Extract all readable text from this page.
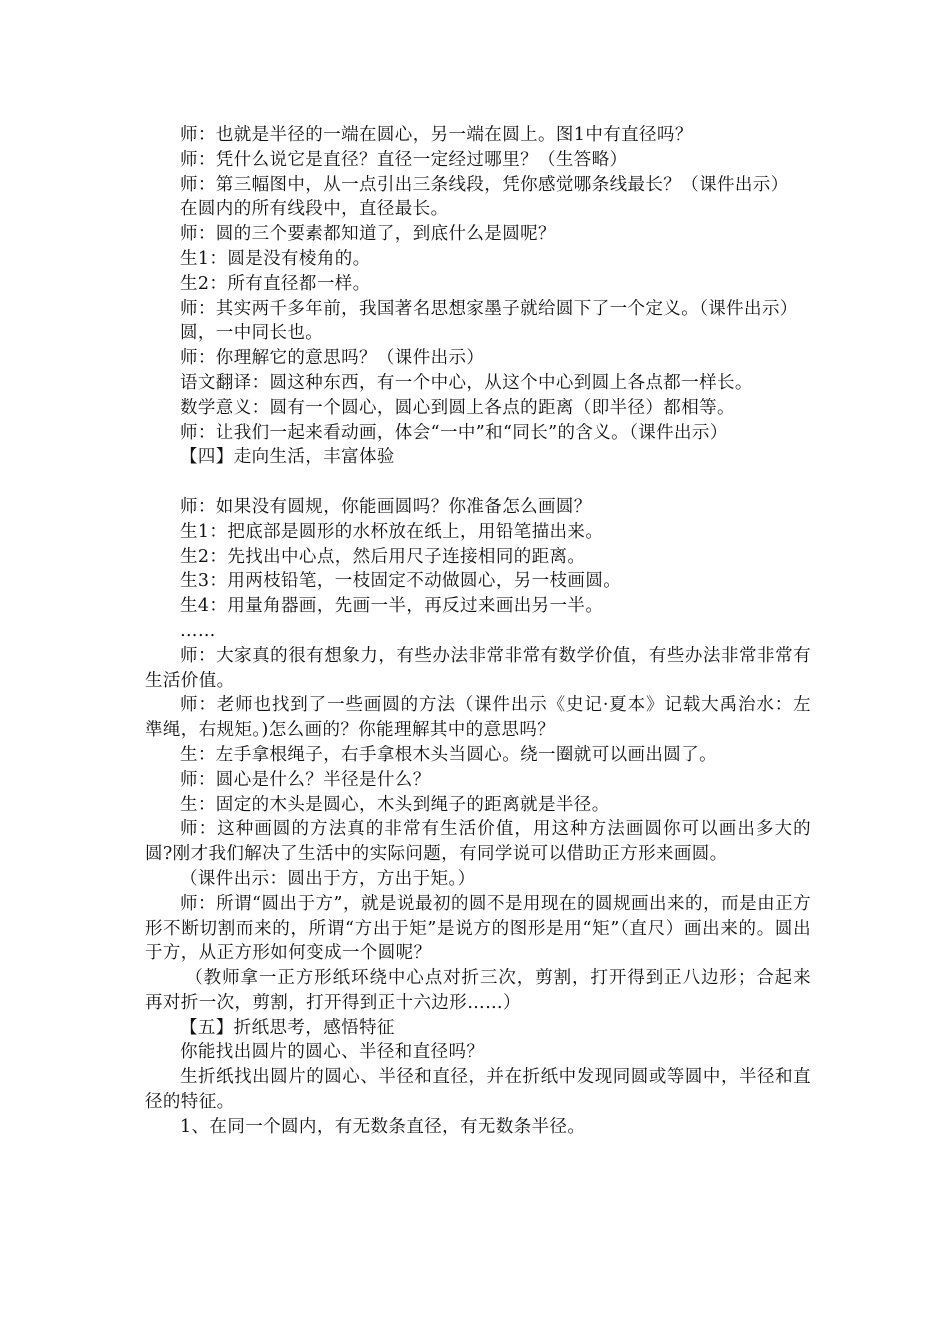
师：也就是半径的一端在圆心，另一端在圆上。图1中有直径吗？

师：凭什么说它是直径？直径一定经过哪里？（生答略）

师：第三幅图中，从一点引出三条线段，凭你感觉哪条线最长？（课件出示）

在圆内的所有线段中，直径最长。

师：圆的三个要素都知道了，到底什么是圆呢？

生1：圆是没有棱角的。

生2：所有直径都一样。

师：其实两千多年前，我国著名思想家墨子就给圆下了一个定义。（课件出示）

圆，一中同长也。

师：你理解它的意思吗？（课件出示）

语文翻译：圆这种东西，有一个中心，从这个中心到圆上各点都一样长。

数学意义：圆有一个圆心，圆心到圆上各点的距离（即半径）都相等。

师：让我们一起来看动画，体会“一中”和“同长”的含义。（课件出示）

【四】走向生活，丰富体验

师：如果没有圆规，你能画圆吗？你准备怎么画圆？

生1：把底部是圆形的水杯放在纸上，用铅笔描出来。

生2：先找出中心点，然后用尺子连接相同的距离。

生3：用两枝铅笔，一枝固定不动做圆心，另一枝画圆。

生4：用量角器画，先画一半，再反过来画出另一半。

……

师：大家真的很有想象力，有些办法非常非常有数学价值，有些办法非常非常有生活价值。

师：老师也找到了一些画圆的方法（课件出示《史记·夏本》记载大禹治水：左準绳，右规矩。)怎么画的？你能理解其中的意思吗？

生：左手拿根绳子，右手拿根木头当圆心。绕一圈就可以画出圆了。

师：圆心是什么？半径是什么？

生：固定的木头是圆心，木头到绳子的距离就是半径。

师：这种画圆的方法真的非常有生活价值，用这种方法画圆你可以画出多大的圆?刚才我们解决了生活中的实际问题，有同学说可以借助正方形来画圆。

（课件出示：圆出于方，方出于矩。）

师：所谓“圆出于方”，就是说最初的圆不是用现在的圆规画出来的，而是由正方形不断切割而来的，所谓“方出于矩”是说方的图形是用“矩”（直尺）画出来的。圆出于方，从正方形如何变成一个圆呢？

（教师拿一正方形纸环绕中心点对折三次，剪割，打开得到正八边形；合起来再对折一次，剪割，打开得到正十六边形……）

【五】折纸思考，感悟特征

你能找出圆片的圆心、半径和直径吗？

生折纸找出圆片的圆心、半径和直径，并在折纸中发现同圆或等圆中，半径和直径的特征。

1、在同一个圆内，有无数条直径，有无数条半径。
